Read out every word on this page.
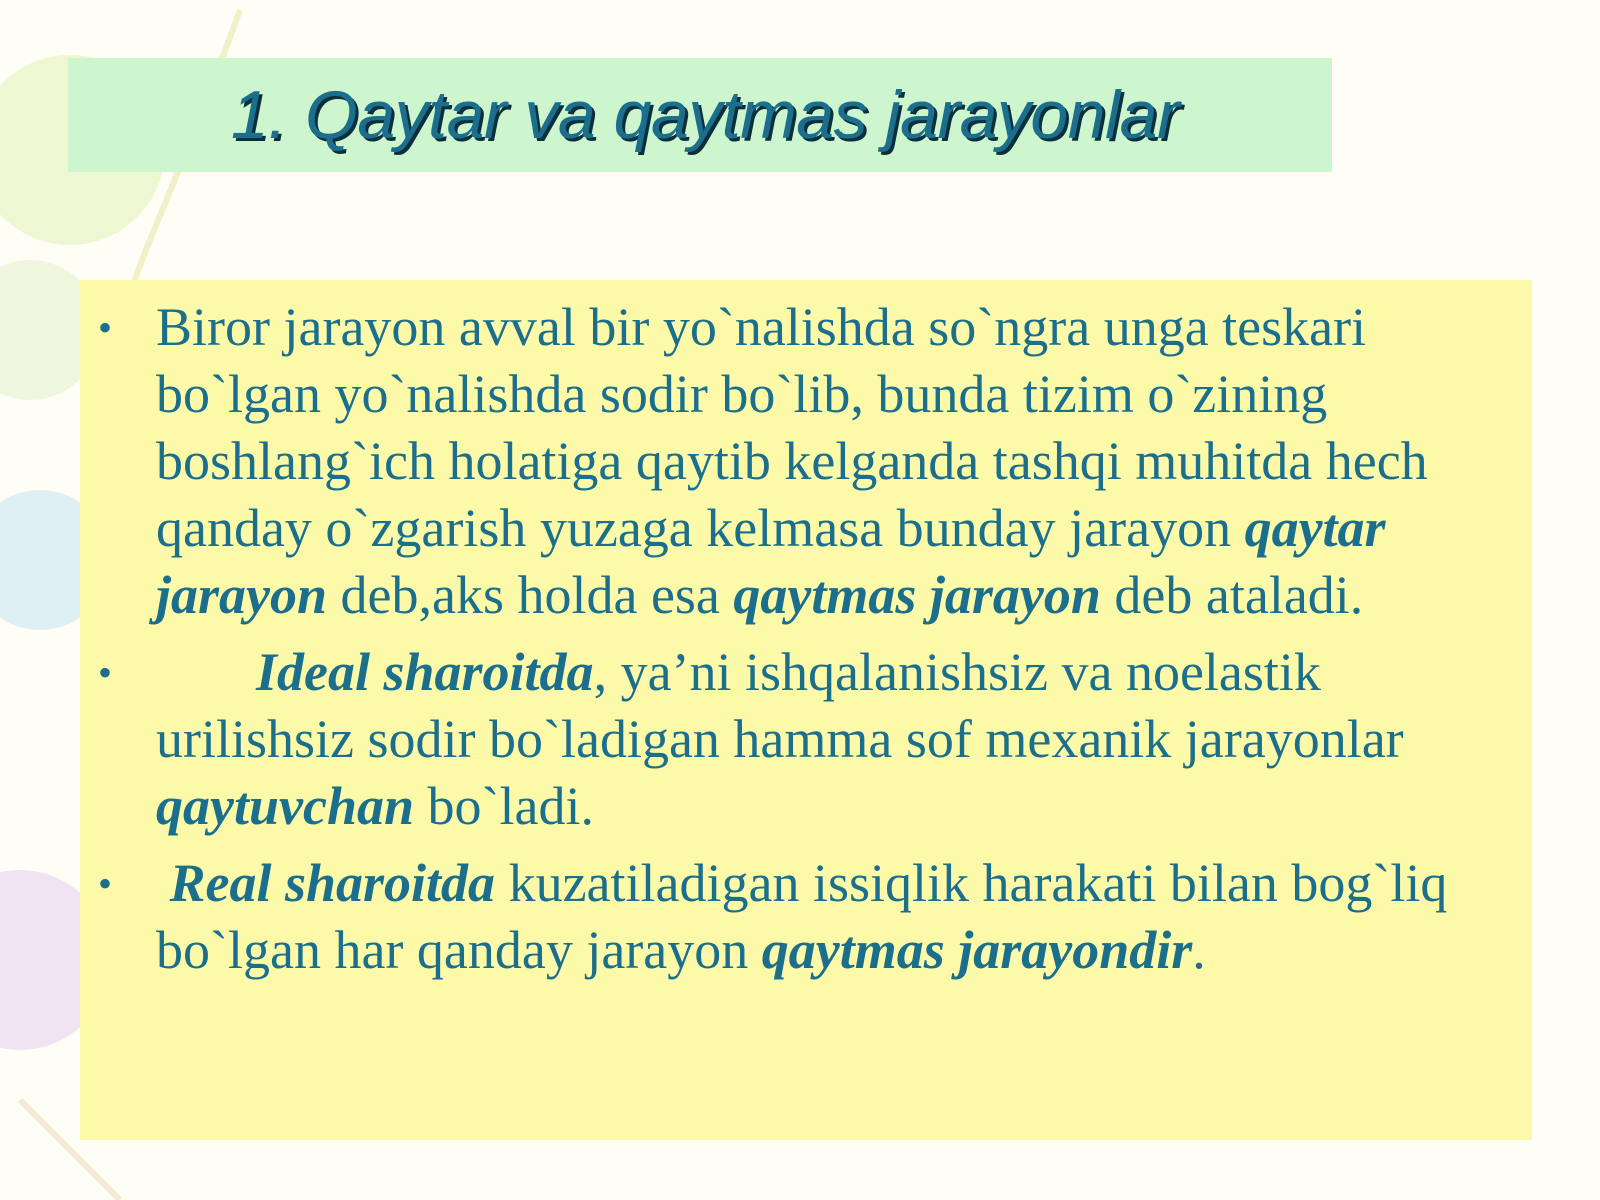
1. Qaytar va qaytmas jarayonlar
• Biror jarayon avval bir yo`nalishda so`ngra unga teskari bo`lgan yo`nalishda sodir bo`lib, bunda tizim o`zining boshlang`ich holatiga qaytib kelganda tashqi muhitda hech qanday o`zgarish yuzaga kelmasa bunday jarayon qaytar jarayon deb,aks holda esa qaytmas jarayon deb ataladi.
•	Ideal sharoitda, ya’ni ishqalanishsiz va noelastik urilishsiz sodir bo`ladigan hamma sof mexanik jarayonlar qaytuvchan bo`ladi.
• Real sharoitda kuzatiladigan issiqlik harakati bilan bog`liq bo`lgan har qanday jarayon qaytmas jarayondir.
